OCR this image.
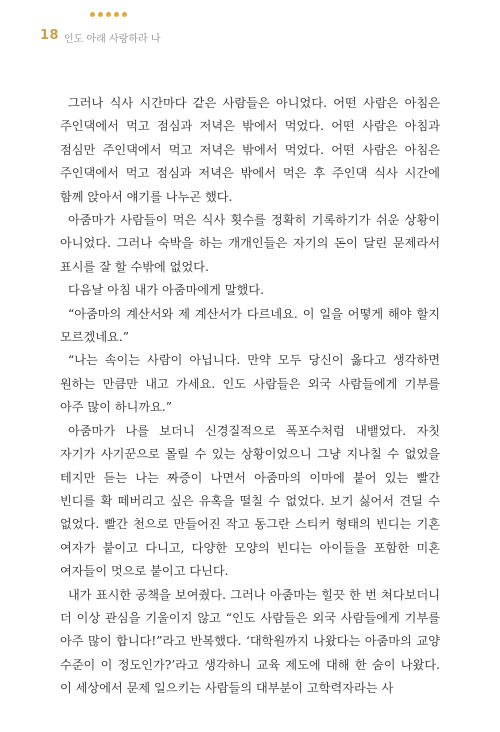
18 인도 아래 사랑하라 나

그러나 식사 시간마다 같은 사람들은 아니었다. 어떤 사람은 아침은 주인댁에서 먹고 점심과 저녁은 밖에서 먹었다. 어떤 사람은 아침과 점심만 주인댁에서 먹고 저녁은 밖에서 먹었다. 어떤 사람은 아침은 주인댁에서 먹고 점심과 저녁은 밖에서 먹은 후 주인댁 식사 시간에 함께 앉아서 얘기를 나누곤 했다.

아줌마가 사람들이 먹은 식사 횟수를 정확히 기록하기가 쉬운 상황이 아니었다. 그러나 숙박을 하는 개개인들은 자기의 돈이 달린 문제라서 표시를 잘 할 수밖에 없었다.

다음날 아침 내가 아줌마에게 말했다.

“아줌마의 계산서와 제 계산서가 다르네요. 이 일을 어떻게 해야 할지 모르겠네요.”

“나는 속이는 사람이 아닙니다. 만약 모두 당신이 옳다고 생각하면 원하는 만큼만 내고 가세요. 인도 사람들은 외국 사람들에게 기부를 아주 많이 하니까요.”

아줌마가 나를 보더니 신경질적으로 폭포수처럼 내뱉었다. 자칫 자기가 사기꾼으로 몰릴 수 있는 상황이었으니 그냥 지나칠 수 없었을 테지만 듣는 나는 짜증이 나면서 아줌마의 이마에 붙어 있는 빨간 빈디를 확 떼버리고 싶은 유혹을 떨칠 수 없었다. 보기 싫어서 견딜 수 없었다. 빨간 천으로 만들어진 작고 동그란 스티커 형태의 빈디는 기혼 여자가 붙이고 다니고, 다양한 모양의 빈디는 아이들을 포함한 미혼 여자들이 멋으로 붙이고 다닌다.

내가 표시한 공책을 보여줬다. 그러나 아줌마는 힐끗 한 번 쳐다보더니 더 이상 관심을 기울이지 않고 “인도 사람들은 외국 사람들에게 기부를 아주 많이 합니다!”라고 반복했다. ‘대학원까지 나왔다는 아줌마의 교양 수준이 이 정도인가?’라고 생각하니 교육 제도에 대해 한 숨이 나왔다. 이 세상에서 문제 일으키는 사람들의 대부분이 고학력자라는 사
